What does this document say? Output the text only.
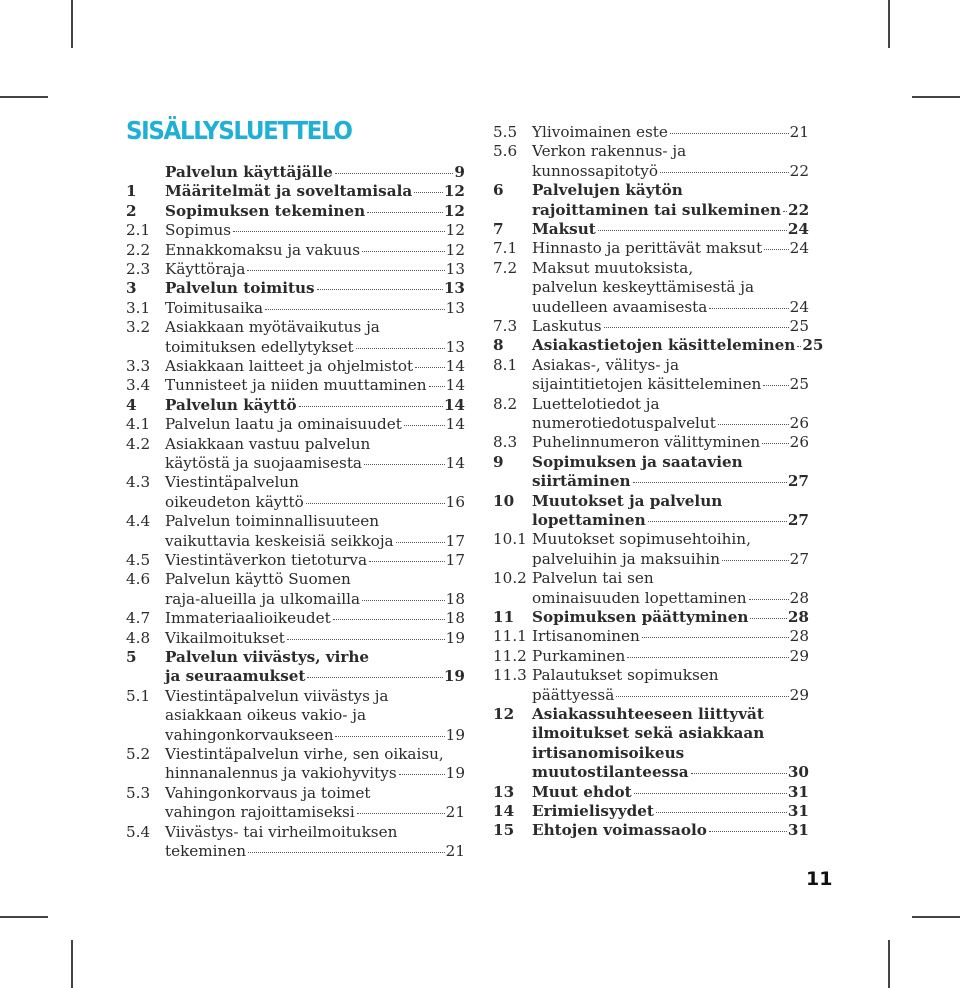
SISÄLLYSLUETTELO
Palvelun käyttäjälle	9
1 Määritelmät ja soveltamisala 12
2 Sopimuksen tekeminen	12
2.1 Sopimus	12
2.2 Ennakkomaksu ja vakuus	12
2.3 Käyttöraja	13
3 Palvelun toimitus	13
3.1 Toimitusaika	13
3.2 Asiakkaan myötävaikutus ja
toimituksen edellytykset	13
3.3 Asiakkaan laitteet ja ohjelmistot 14
3.4 Tunnisteet ja niiden muuttaminen 14
4 Palvelun käyttö	14
4.1 Palvelun laatu ja ominaisuudet	14
4.2 Asiakkaan vastuu palvelun
käytöstä ja suojaamisesta	14
4.3 Viestintäpalvelun
oikeudeton käyttö	16
4.4 Palvelun toiminnallisuuteen
vaikuttavia keskeisiä seikkoja	17
4.5 Viestintäverkon tietoturva	17
4.6 Palvelun käyttö Suomen
raja-alueilla ja ulkomailla	18
4.7 Immateriaalioikeudet	18
4.8 Vikailmoitukset	19
5 Palvelun viivästys, virhe
ja seuraamukset	19
5.1 Viestintäpalvelun viivästys ja
asiakkaan oikeus vakio- ja
vahingonkorvaukseen	19
5.2 Viestintäpalvelun virhe, sen oikaisu,
hinnanalennus ja vakiohyvitys	19
5.3 Vahingonkorvaus ja toimet
vahingon rajoittamiseksi	21
5.4 Viivästys- tai virheilmoituksen
tekeminen	21
5.5 Ylivoimainen este	21
5.6 Verkon rakennus- ja
kunnossapitotyö	22
6 Palvelujen käytön
rajoittaminen tai sulkeminen 22
7 Maksut	24
7.1 Hinnasto ja perittävät maksut 24
7.2 Maksut muutoksista,
palvelun keskeyttämisestä ja
uudelleen avaamisesta	24
7.3 Laskutus	25
8 Asiakastietojen käsitteleminen 25
8.1 Asiakas-, välitys- ja
sijaintitietojen käsitteleminen 25
8.2 Luettelotiedot ja
numerotiedotuspalvelut	26
8.3 Puhelinnumeron välittyminen 26
9 Sopimuksen ja saatavien
siirtäminen	27
10 Muutokset ja palvelun
lopettaminen	27
10.1 Muutokset sopimusehtoihin,
palveluihin ja maksuihin	27
10.2 Palvelun tai sen
ominaisuuden lopettaminen	28
11 Sopimuksen päättyminen	28
11.1 Irtisanominen	28
11.2 Purkaminen	29
11.3 Palautukset sopimuksen
päättyessä	29
12 Asiakassuhteeseen liittyvät
ilmoitukset sekä asiakkaan
irtisanomisoikeus
muutostilanteessa	30
13 Muut ehdot	31
14 Erimielisyydet	31
15 Ehtojen voimassaolo	31

11
